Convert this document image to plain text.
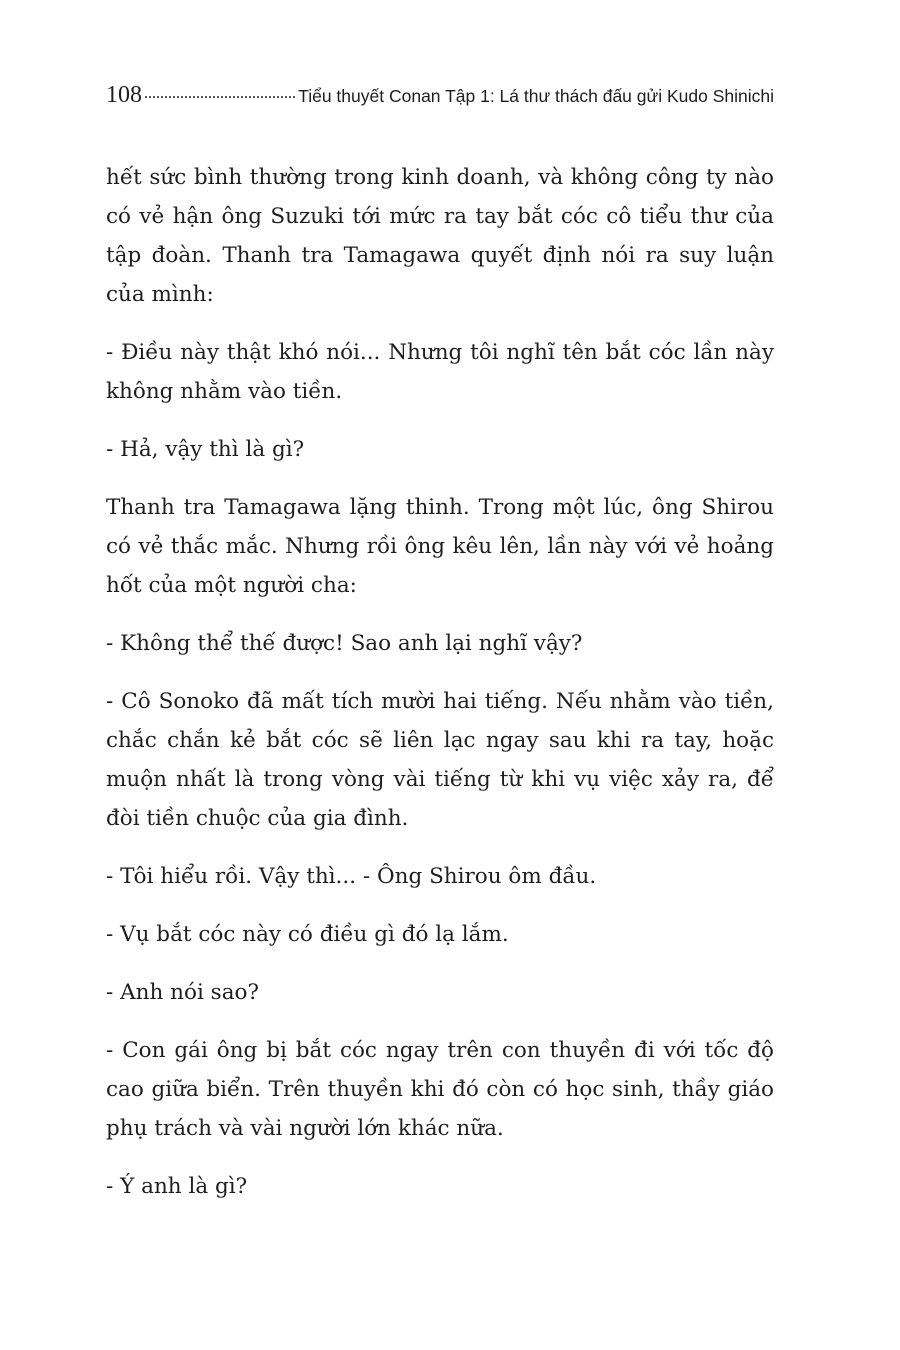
108	Tiểu thuyết Conan Tập 1: Lá thư thách đấu gửi Kudo Shinichi

hết sức bình thường trong kinh doanh, và không công ty nào có vẻ hận ông Suzuki tới mức ra tay bắt cóc cô tiểu thư của tập đoàn. Thanh tra Tamagawa quyết định nói ra suy luận của mình:

- Điều này thật khó nói... Nhưng tôi nghĩ tên bắt cóc lần này không nhằm vào tiền.

- Hả, vậy thì là gì?

Thanh tra Tamagawa lặng thinh. Trong một lúc, ông Shirou có vẻ thắc mắc. Nhưng rồi ông kêu lên, lần này với vẻ hoảng hốt của một người cha:

- Không thể thế được! Sao anh lại nghĩ vậy?

- Cô Sonoko đã mất tích mười hai tiếng. Nếu nhằm vào tiền, chắc chắn kẻ bắt cóc sẽ liên lạc ngay sau khi ra tay, hoặc muộn nhất là trong vòng vài tiếng từ khi vụ việc xảy ra, để đòi tiền chuộc của gia đình.

- Tôi hiểu rồi. Vậy thì... - Ông Shirou ôm đầu.

- Vụ bắt cóc này có điều gì đó lạ lắm.

- Anh nói sao?

- Con gái ông bị bắt cóc ngay trên con thuyền đi với tốc độ cao giữa biển. Trên thuyền khi đó còn có học sinh, thầy giáo phụ trách và vài người lớn khác nữa.

- Ý anh là gì?
